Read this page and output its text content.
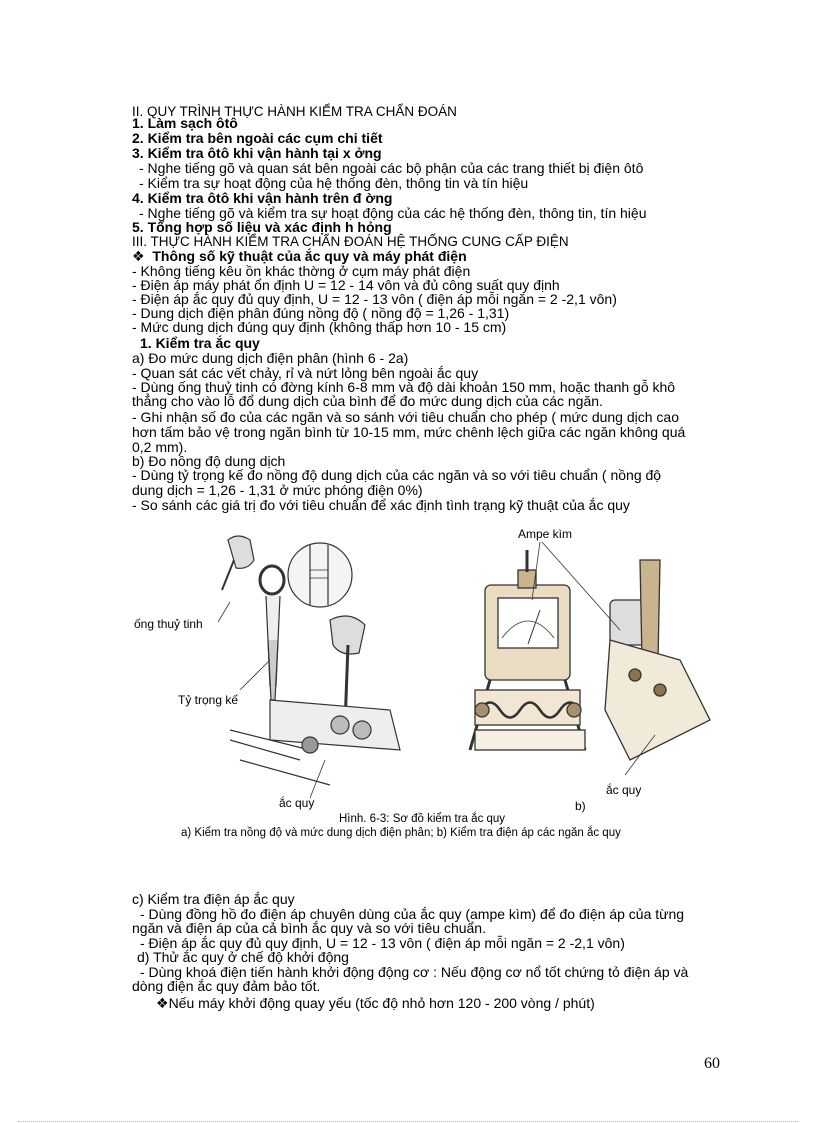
II. QUY TRÌNH THỰC HÀNH KIỂM TRA CHẨN ĐOÁN
1. Làm sạch ôtô
2. Kiểm tra bên ngoài các cụm chi tiết
3. Kiểm tra ôtô khi vận hành tại x ởng
- Nghe tiếng gõ và quan sát bên ngoài các bộ phận của các trang thiết bị điện ôtô
- Kiểm tra sự hoạt động của hệ thống đèn, thông tin và tín hiệu
4. Kiểm tra ôtô khi vận hành trên đ ờng
- Nghe tiếng gõ và kiểm tra sự hoạt động của các hệ thống đèn, thông tin, tín hiệu
5. Tổng hợp số liệu và xác định h hỏng
III. THỰC HÀNH KIỂM TRA CHẨN ĐOÁN HỆ THỐNG CUNG CẤP ĐIỆN
❖ Thông số kỹ thuật của ắc quy và máy phát điện
- Không tiếng kêu ồn khác thờng ở cụm máy phát điện
- Điện áp máy phát ổn định U = 12 - 14 vôn và đủ công suất quy định
- Điện áp ắc quy đủ quy định, U = 12 - 13 vôn ( điện áp mỗi ngăn = 2 -2,1 vôn)
- Dung dịch điện phân đúng nồng độ ( nồng độ = 1,26 - 1,31)
- Mức dung dịch đúng quy định (không thấp hơn 10 - 15 cm)
1. Kiểm tra ắc quy
a) Đo mức dung dịch điện phân (hình 6 - 2a)
- Quan sát các vết chảy, rỉ và nứt lỏng bên ngoài ắc quy
- Dùng ống thuỷ tinh có đờng kính 6-8 mm và độ dài khoản 150 mm, hoặc thanh gỗ khô
thẳng cho vào lỗ đổ dung dịch của bình để đo mức dung dịch của các ngăn.
- Ghi nhận số đo của các ngăn và so sánh với tiêu chuẩn cho phép ( mức dung dịch cao
hơn tấm bảo vệ trong ngăn bình từ 10-15 mm, mức chênh lệch giữa các ngăn không quá
0,2 mm).
b) Đo nồng độ dung dịch
- Dùng tỷ trọng kế đo nồng độ dung dịch của các ngăn và so với tiêu chuẩn ( nồng độ
dung dịch = 1,26 - 1,31 ở mức phóng điện 0%)
- So sánh các giá trị đo với tiêu chuẩn để xác định tình trạng kỹ thuật của ắc quy
Ampe kìm
ống thuỷ tinh
Tỷ trọng kế
ắc quy
ắc quy
b)
Hình. 6-3: Sơ đồ kiểm tra ắc quy
a) Kiểm tra nồng độ và mức dung dịch điện phân; b) Kiểm tra điện áp các ngăn ắc quy
c) Kiểm tra điện áp ắc quy
- Dùng đồng hồ đo điện áp chuyên dùng của ắc quy (ampe kìm) để đo điện áp của từng
ngăn và điện áp của cả bình ắc quy và so với tiêu chuẩn.
- Điện áp ắc quy đủ quy định, U = 12 - 13 vôn ( điện áp mỗi ngăn = 2 -2,1 vôn)
d) Thử ắc quy ở chế độ khởi động
- Dùng khoá điện tiến hành khởi động động cơ : Nếu động cơ nổ tốt chứng tỏ điện áp và
dòng điện ắc quy đảm bảo tốt.
❖Nếu máy khởi động quay yếu (tốc độ nhỏ hơn 120 - 200 vòng / phút)
60
